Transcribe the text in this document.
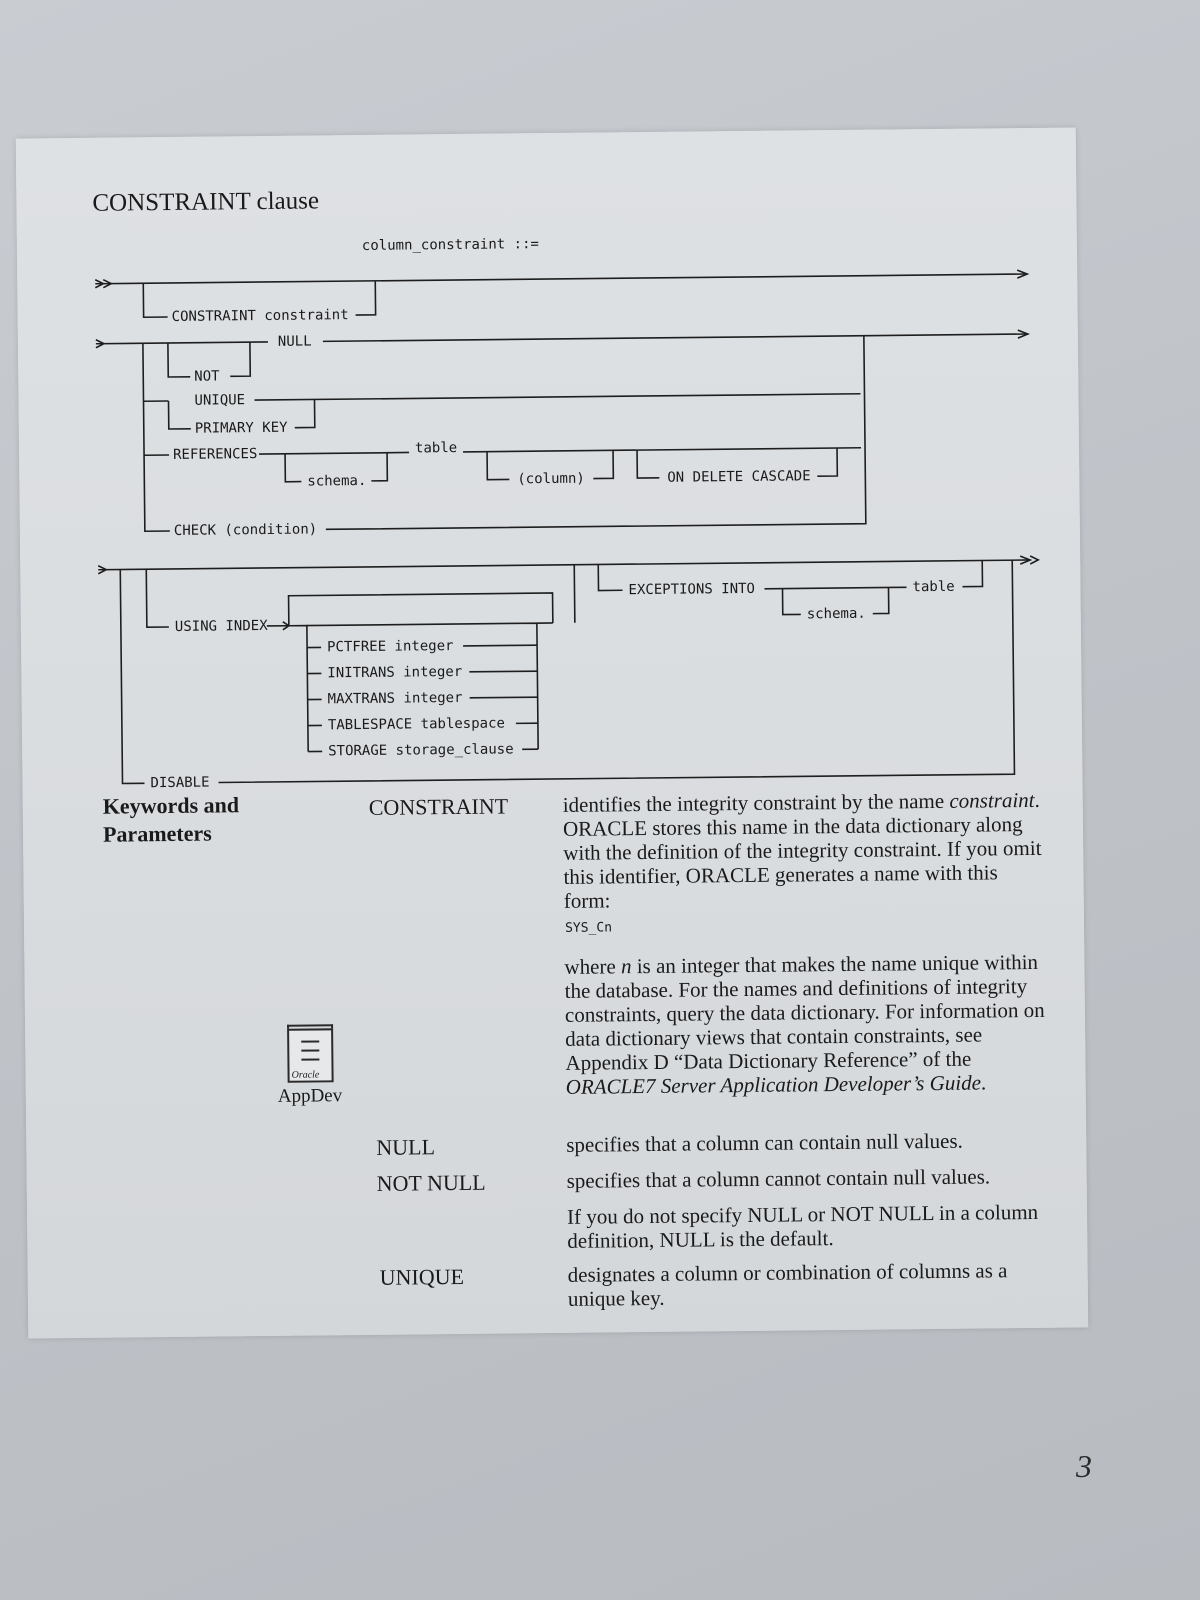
CONSTRAINT clause
column_constraint ::=
CONSTRAINT constraint
NULL
NOT
UNIQUE
PRIMARY KEY
REFERENCES	table
schema.	(column)	ON DELETE CASCADE
CHECK (condition)
DISABLE
USING INDEX
PCTFREE integer
INITRANS integer
MAXTRANS integer
TABLESPACE tablespace
STORAGE storage_clause
EXCEPTIONS INTO	table
schema.
Keywords and
Parameters
CONSTRAINT	identifies the integrity constraint by the name constraint. ORACLE stores this name in the data dictionary along with the definition of the integrity constraint. If you omit this identifier, ORACLE generates a name with this form:

SYS_Cn

where n is an integer that makes the name unique within the database. For the names and definitions of integrity constraints, query the data dictionary. For information on data dictionary views that contain constraints, see Appendix D “Data Dictionary Reference” of the ORACLE7 Server Application Developer’s Guide.

Oracle
AppDev
NULL	specifies that a column can contain null values.
NOT NULL	specifies that a column cannot contain null values.
If you do not specify NULL or NOT NULL in a column definition, NULL is the default.
UNIQUE	designates a column or combination of columns as a unique key.
3
